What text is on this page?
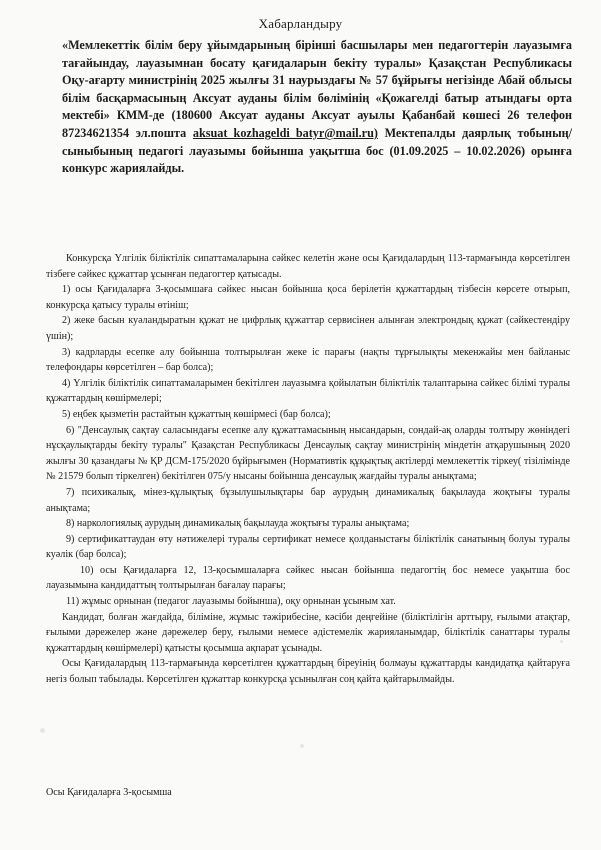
Хабарландыру

«Мемлекеттік білім беру ұйымдарының бірінші басшылары мен педагогтерін лауазымға тағайындау, лауазымнан босату қағидаларын бекіту туралы» Қазақстан Республикасы Оқу-ағарту министрінің 2025 жылғы 31 наурыздағы № 57 бұйрығы негізінде Абай облысы білім басқармасының Аксуат ауданы білім бөлімінің «Қожагелді батыр атындағы орта мектебі» КММ-де (180600 Аксуат ауданы Аксуат ауылы Қабанбай көшесі 26 телефон 87234621354 эл.пошта aksuat_kozhageldi_batyr@mail.ru) Мектепалды даярлық тобының/сыныбының педагогі лауазымы бойынша уақытша бос (01.09.2025 – 10.02.2026) орынға конкурс жариялайды.

Конкурсқа Үлгілік біліктілік сипаттамаларына сәйкес келетін және осы Қағидалардың 113-тармағында көрсетілген тізбеге сәйкес құжаттар ұсынған педагогтер қатысады.

1) осы Қағидаларға 3-қосымшаға сәйкес нысан бойынша қоса берілетін құжаттардың тізбесін көрсете отырып, конкурсқа қатысу туралы өтініш;

2) жеке басын куәландыратын құжат не цифрлық құжаттар сервисінен алынған электрондық құжат (сәйкестендіру үшін);

3) кадрларды есепке алу бойынша толтырылған жеке іс парағы (нақты тұрғылықты мекенжайы мен байланыс телефондары көрсетілген – бар болса);

4) Үлгілік біліктілік сипаттамаларымен бекітілген лауазымға қойылатын біліктілік талаптарына сәйкес білімі туралы құжаттардың көшірмелері;

5) еңбек қызметін растайтын құжаттың көшірмесі (бар болса);

6) "Денсаулық сақтау саласындағы есепке алу құжаттамасының нысандарын, сондай-ақ оларды толтыру жөніндегі нұсқаулықтарды бекіту туралы" Қазақстан Республикасы Денсаулық сақтау министрінің міндетін атқарушының 2020 жылғы 30 қазандағы № ҚР ДСМ-175/2020 бұйрығымен (Нормативтік құқықтық актілерді мемлекеттік тіркеу( тізілімінде № 21579 болып тіркелген) бекітілген 075/у нысаны бойынша денсаулық жағдайы туралы анықтама;

7) психикалық, мінез-құлықтық бұзылушылықтары бар аурудың динамикалық бақылауда жоқтығы туралы анықтама;

8) наркологиялық аурудың динамикалық бақылауда жоқтығы туралы анықтама;

9) сертификаттаудан өту нәтижелері туралы сертификат немесе қолданыстағы біліктілік санатының болуы туралы куәлік (бар болса);

10) осы Қағидаларға 12, 13-қосымшаларға сәйкес нысан бойынша педагогтің бос немесе уақытша бос лауазымына кандидаттың толтырылған бағалау парағы;

11) жұмыс орнынан (педагог лауазымы бойынша), оқу орнынан ұсыным хат.

Кандидат, болған жағдайда, біліміне, жұмыс тәжірибесіне, кәсіби деңгейіне (біліктілігін арттыру, ғылыми атақтар, ғылыми дәрежелер және дәрежелер беру, ғылыми немесе әдістемелік жарияланымдар, біліктілік санаттары туралы құжаттардың көшірмелері) қатысты қосымша ақпарат ұсынады.

Осы Қағидалардың 113-тармағында көрсетілген құжаттардың біреуінің болмауы құжаттарды кандидатқа қайтаруға негіз болып табылады. Көрсетілген құжаттар конкурсқа ұсынылған соң қайта қайтарылмайды.

Осы Қағидаларға 3-қосымша
